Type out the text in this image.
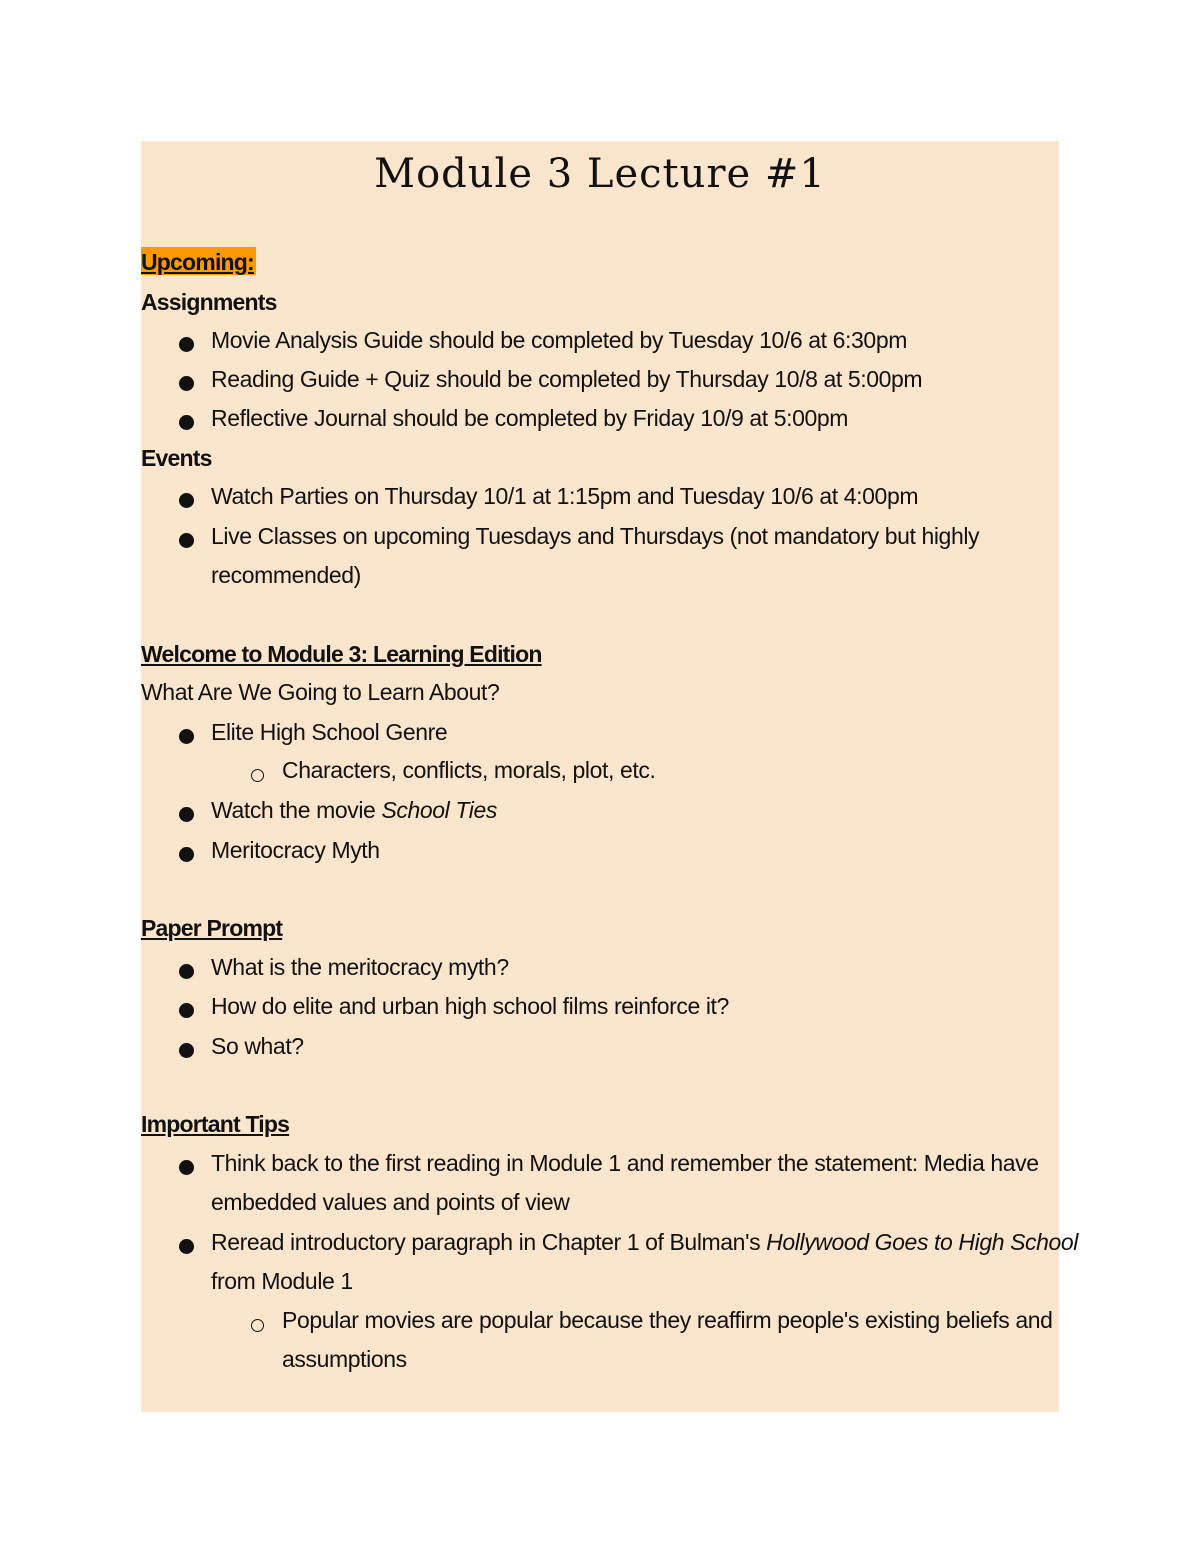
Module 3 Lecture #1
Upcoming:
Assignments
Movie Analysis Guide should be completed by Tuesday 10/6 at 6:30pm
Reading Guide + Quiz should be completed by Thursday 10/8 at 5:00pm
Reflective Journal should be completed by Friday 10/9 at 5:00pm
Events
Watch Parties on Thursday 10/1 at 1:15pm and Tuesday 10/6 at 4:00pm
Live Classes on upcoming Tuesdays and Thursdays (not mandatory but highly
recommended)
Welcome to Module 3: Learning Edition
What Are We Going to Learn About?
Elite High School Genre
Characters, conflicts, morals, plot, etc.
Watch the movie School Ties
Meritocracy Myth
Paper Prompt
What is the meritocracy myth?
How do elite and urban high school films reinforce it?
So what?
Important Tips
Think back to the first reading in Module 1 and remember the statement: Media have
embedded values and points of view
Reread introductory paragraph in Chapter 1 of Bulman's Hollywood Goes to High School
from Module 1
Popular movies are popular because they reaffirm people's existing beliefs and
assumptions
